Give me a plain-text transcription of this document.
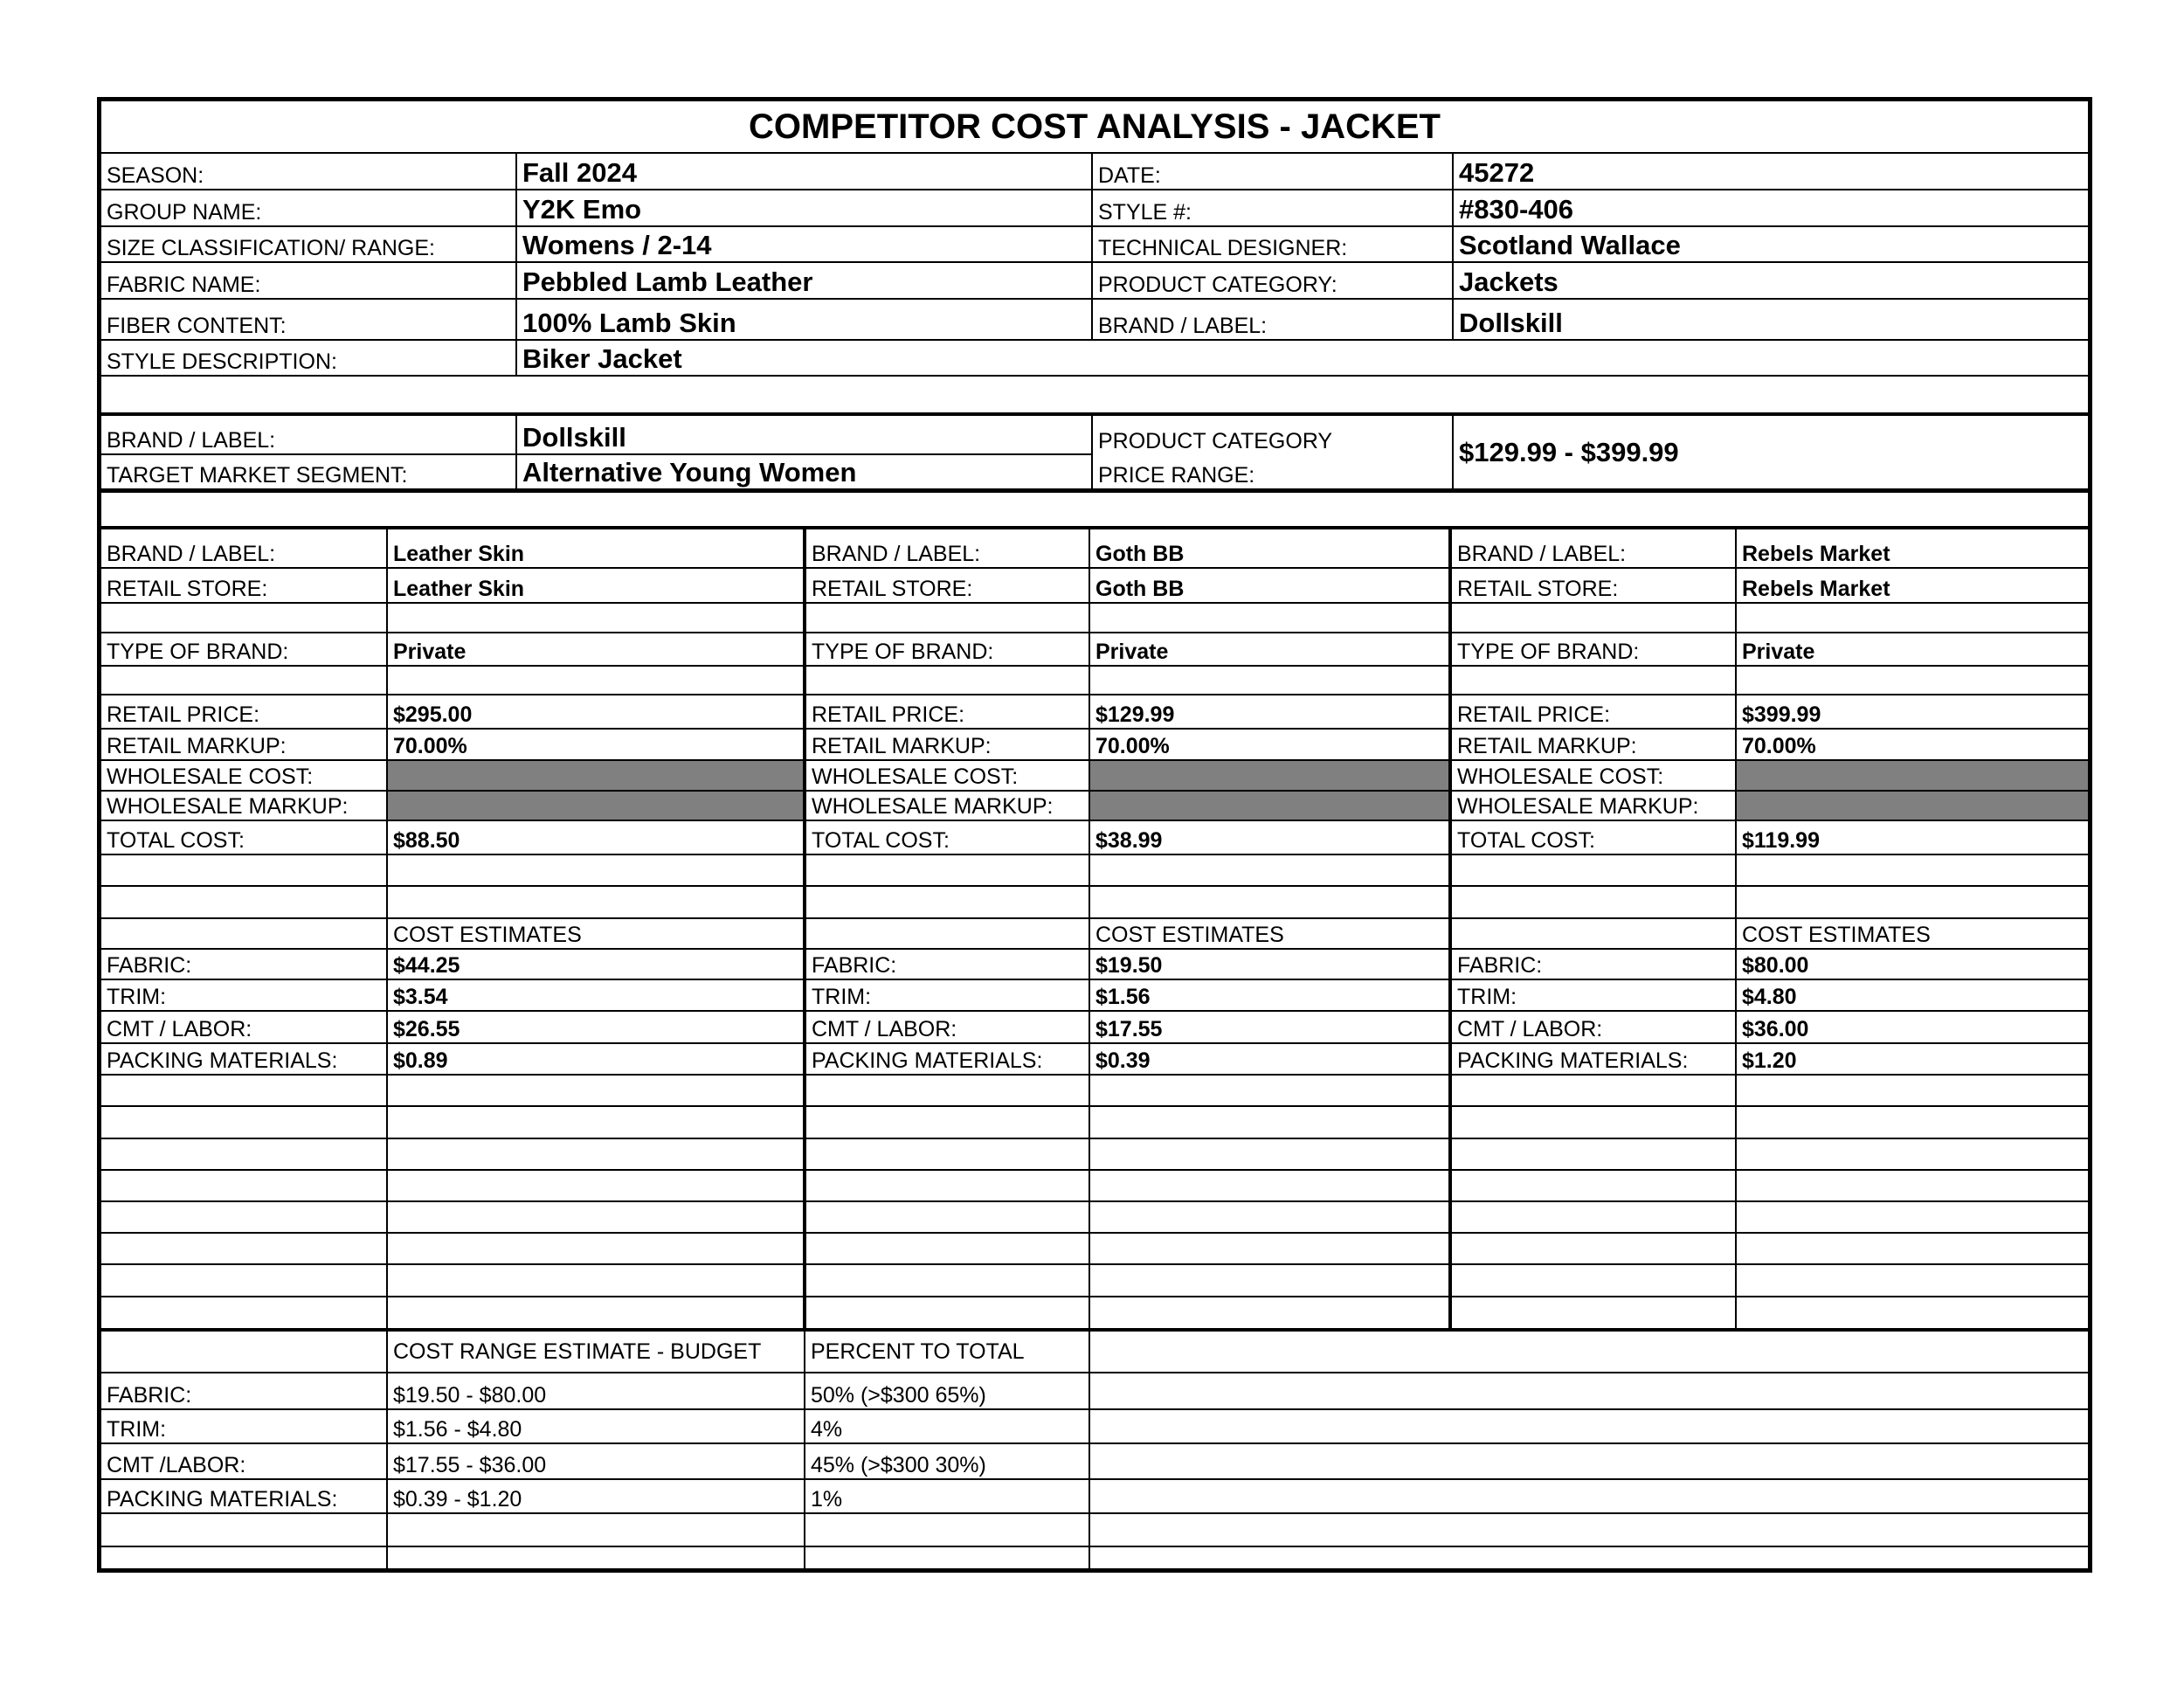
COMPETITOR COST ANALYSIS - JACKET
SEASON:	Fall 2024	DATE:	45272
GROUP NAME:	Y2K Emo	STYLE #:	#830-406
SIZE CLASSIFICATION/ RANGE:	Womens / 2-14	TECHNICAL DESIGNER:	Scotland Wallace
FABRIC NAME:	Pebbled Lamb Leather	PRODUCT CATEGORY:	Jackets
FIBER CONTENT:	100% Lamb Skin	BRAND / LABEL:	Dollskill
STYLE DESCRIPTION:	Biker Jacket		

BRAND / LABEL:	Dollskill	PRODUCT CATEGORY	$129.99 - $399.99
TARGET MARKET SEGMENT:	Alternative Young Women	PRICE RANGE:	
BRAND / LABEL:	Leather Skin	BRAND / LABEL:	Goth BB	BRAND / LABEL:	Rebels Market
RETAIL STORE:	Leather Skin	RETAIL STORE:	Goth BB	RETAIL STORE:	Rebels Market

TYPE OF BRAND:	Private	TYPE OF BRAND:	Private	TYPE OF BRAND:	Private

RETAIL PRICE:	$295.00	RETAIL PRICE:	$129.99	RETAIL PRICE:	$399.99
RETAIL MARKUP:	70.00%	RETAIL MARKUP:	70.00%	RETAIL MARKUP:	70.00%
WHOLESALE COST:		WHOLESALE COST:		WHOLESALE COST:	
WHOLESALE MARKUP:		WHOLESALE MARKUP:		WHOLESALE MARKUP:	
TOTAL COST:	$88.50	TOTAL COST:	$38.99	TOTAL COST:	$119.99

	COST ESTIMATES		COST ESTIMATES		COST ESTIMATES
FABRIC:	$44.25	FABRIC:	$19.50	FABRIC:	$80.00
TRIM:	$3.54	TRIM:	$1.56	TRIM:	$4.80
CMT / LABOR:	$26.55	CMT / LABOR:	$17.55	CMT / LABOR:	$36.00
PACKING MATERIALS:	$0.89	PACKING MATERIALS:	$0.39	PACKING MATERIALS:	$1.20

	COST RANGE ESTIMATE - BUDGET	PERCENT TO TOTAL	
FABRIC:	$19.50 - $80.00	50% (>$300 65%)	
TRIM:	$1.56 - $4.80	4%	
CMT /LABOR:	$17.55 - $36.00	45% (>$300 30%)	
PACKING MATERIALS:	$0.39 - $1.20	1%	
